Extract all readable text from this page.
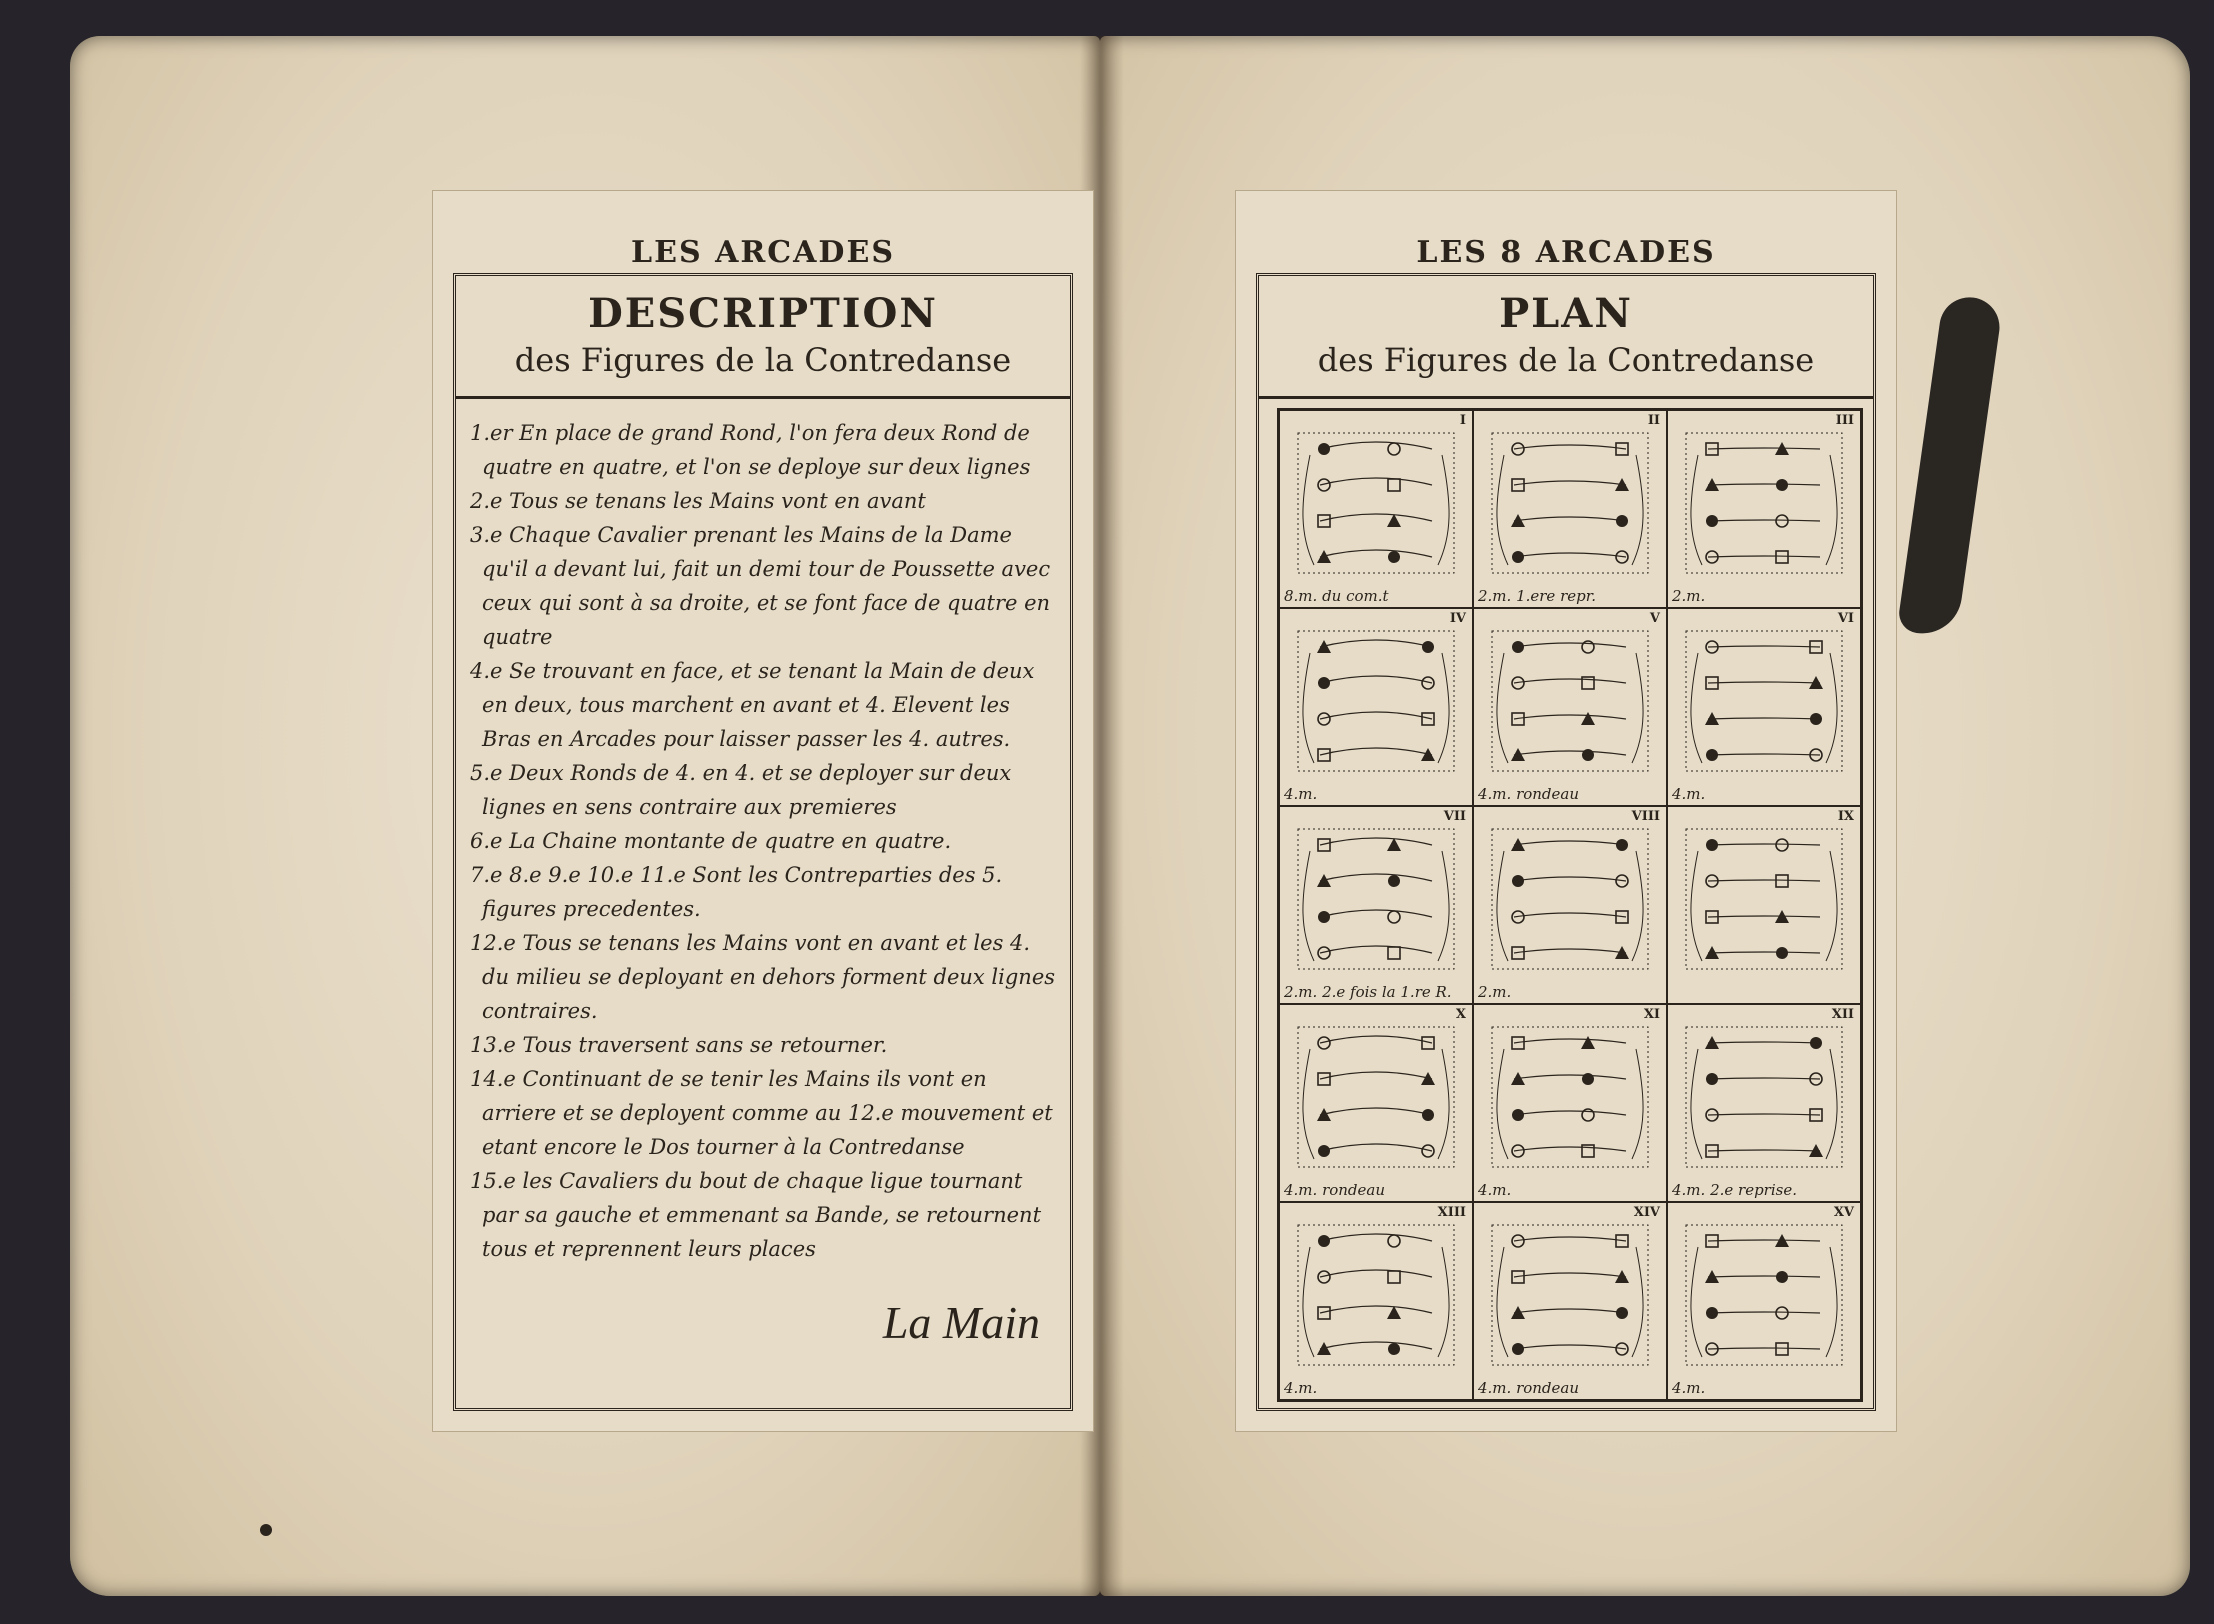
LES ARCADES
DESCRIPTION
des Figures de la Contredanse
1.er En place de grand Rond, l'on fera deux Rond de quatre en quatre, et l'on se deploye sur deux lignes
2.e Tous se tenans les Mains vont en avant
3.e Chaque Cavalier prenant les Mains de la Dame qu'il a devant lui, fait un demi tour de Poussette avec ceux qui sont à sa droite, et se font face de quatre en quatre
4.e Se trouvant en face, et se tenant la Main de deux en deux, tous marchent en avant et 4. Elevent les Bras en Arcades pour laisser passer les 4. autres.
5.e Deux Ronds de 4. en 4. et se deployer sur deux lignes en sens contraire aux premieres
6.e La Chaine montante de quatre en quatre.
7.e 8.e 9.e 10.e 11.e Sont les Contreparties des 5. figures precedentes.
12.e Tous se tenans les Mains vont en avant et les 4. du milieu se deployant en dehors forment deux lignes contraires.
13.e Tous traversent sans se retourner.
14.e Continuant de se tenir les Mains ils vont en arriere et se deployent comme au 12.e mouvement et etant encore le Dos tourner à la Contredanse
15.e les Cavaliers du bout de chaque ligue tournant par sa gauche et emmenant sa Bande, se retournent tous et reprennent leurs places
La Main
LES 8 ARCADES
PLAN
des Figures de la Contredanse
I
8.m. du com.t
II
2.m. 1.ere repr.
III
2.m.
IV
4.m.
V
4.m. rondeau
VI
4.m.
VII
2.m. 2.e fois la 1.re R.
VIII
2.m.
IX
X
4.m. rondeau
XI
4.m.
XII
4.m. 2.e reprise.
XIII
4.m.
XIV
4.m. rondeau
XV
4.m.
